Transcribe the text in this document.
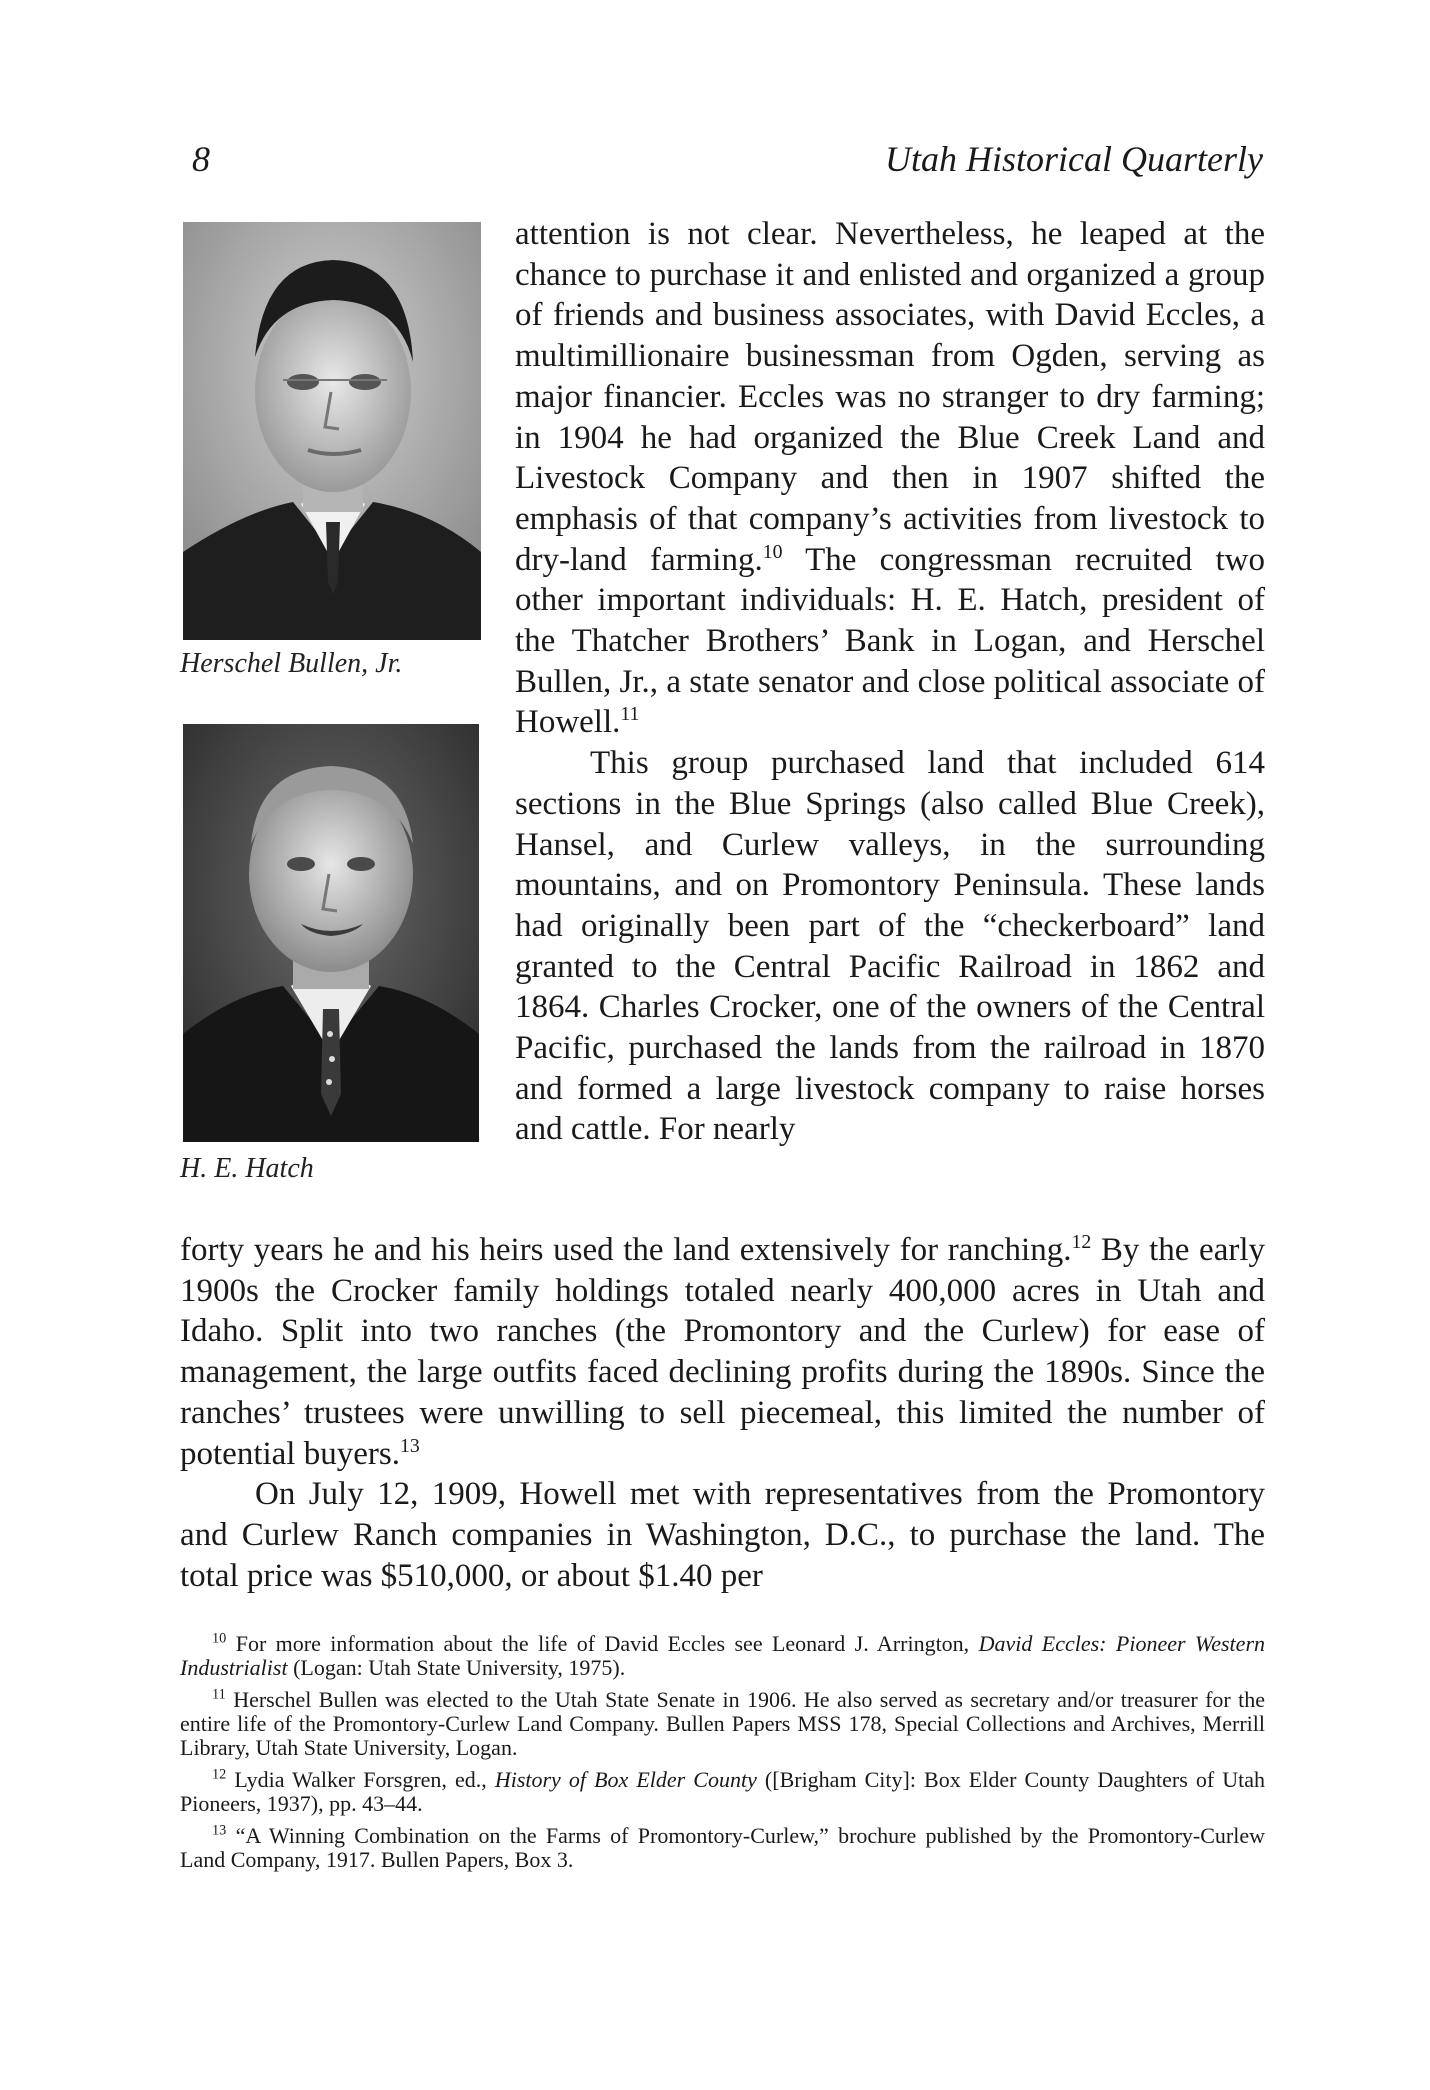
8	Utah Historical Quarterly
Herschel Bullen, Jr.
H. E. Hatch

attention is not clear. Nevertheless, he leaped at the chance to purchase it and enlisted and organized a group of friends and business associates, with David Eccles, a multimillionaire businessman from Ogden, serving as major financier. Eccles was no stranger to dry farming; in 1904 he had organized the Blue Creek Land and Livestock Company and then in 1907 shifted the emphasis of that company’s activities from livestock to dry-land farming.$^{10}$ The congressman recruited two other important individuals: H. E. Hatch, president of the Thatcher Brothers’ Bank in Logan, and Herschel Bullen, Jr., a state senator and close political associate of Howell.$^{11}$

This group purchased land that included 614 sections in the Blue Springs (also called Blue Creek), Hansel, and Curlew valleys, in the surrounding mountains, and on Promontory Peninsula. These lands had originally been part of the “checkerboard” land granted to the Central Pacific Railroad in 1862 and 1864. Charles Crocker, one of the owners of the Central Pacific, purchased the lands from the railroad in 1870 and formed a large livestock company to raise horses and cattle. For nearly

forty years he and his heirs used the land extensively for ranching.$^{12}$ By the early 1900s the Crocker family holdings totaled nearly 400,000 acres in Utah and Idaho. Split into two ranches (the Promontory and the Curlew) for ease of management, the large outfits faced declining profits during the 1890s. Since the ranches’ trustees were unwilling to sell piecemeal, this limited the number of potential buyers.$^{13}$

On July 12, 1909, Howell met with representatives from the Promontory and Curlew Ranch companies in Washington, D.C., to purchase the land. The total price was $510,000, or about $1.40 per

$^{10}$ For more information about the life of David Eccles see Leonard J. Arrington, David Eccles: Pioneer Western Industrialist (Logan: Utah State University, 1975).

$^{11}$ Herschel Bullen was elected to the Utah State Senate in 1906. He also served as secretary and/or treasurer for the entire life of the Promontory-Curlew Land Company. Bullen Papers MSS 178, Special Collections and Archives, Merrill Library, Utah State University, Logan.

$^{12}$ Lydia Walker Forsgren, ed., History of Box Elder County ([Brigham City]: Box Elder County Daughters of Utah Pioneers, 1937), pp. 43–44.

$^{13}$ “A Winning Combination on the Farms of Promontory-Curlew,” brochure published by the Promontory-Curlew Land Company, 1917. Bullen Papers, Box 3.
